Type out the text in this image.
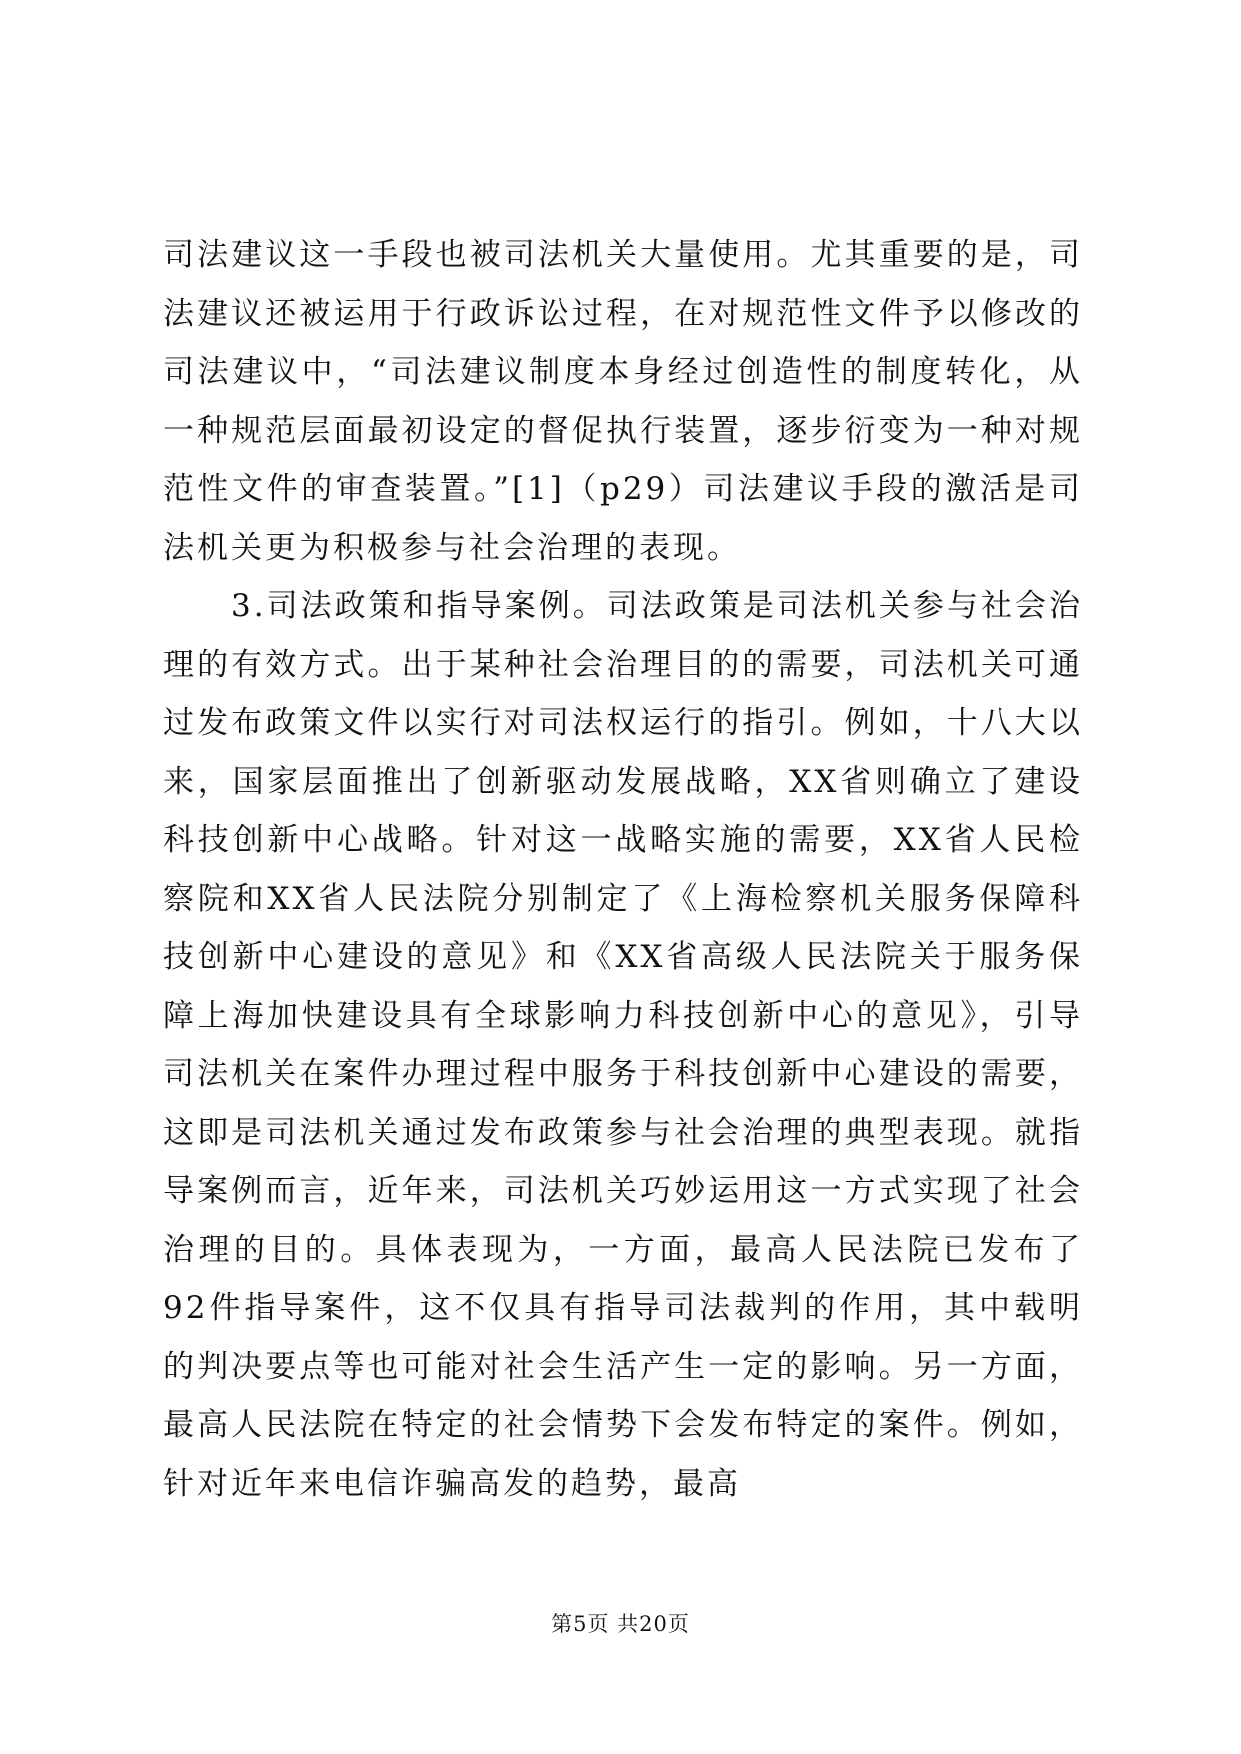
司法建议这一手段也被司法机关大量使用。尤其重要的是，司法建议还被运用于行政诉讼过程，在对规范性文件予以修改的司法建议中，“司法建议制度本身经过创造性的制度转化，从一种规范层面最初设定的督促执行装置，逐步衍变为一种对规范性文件的审查装置。”[1]（p29）司法建议手段的激活是司法机关更为积极参与社会治理的表现。

3.司法政策和指导案例。司法政策是司法机关参与社会治理的有效方式。出于某种社会治理目的的需要，司法机关可通过发布政策文件以实行对司法权运行的指引。例如，十八大以来，国家层面推出了创新驱动发展战略，XX省则确立了建设科技创新中心战略。针对这一战略实施的需要，XX省人民检察院和XX省人民法院分别制定了《上海检察机关服务保障科技创新中心建设的意见》和《XX省高级人民法院关于服务保障上海加快建设具有全球影响力科技创新中心的意见》，引导司法机关在案件办理过程中服务于科技创新中心建设的需要，这即是司法机关通过发布政策参与社会治理的典型表现。就指导案例而言，近年来，司法机关巧妙运用这一方式实现了社会治理的目的。具体表现为，一方面，最高人民法院已发布了92件指导案件，这不仅具有指导司法裁判的作用，其中载明的判决要点等也可能对社会生活产生一定的影响。另一方面，最高人民法院在特定的社会情势下会发布特定的案件。例如，针对近年来电信诈骗高发的趋势，最高

第5页 共20页
